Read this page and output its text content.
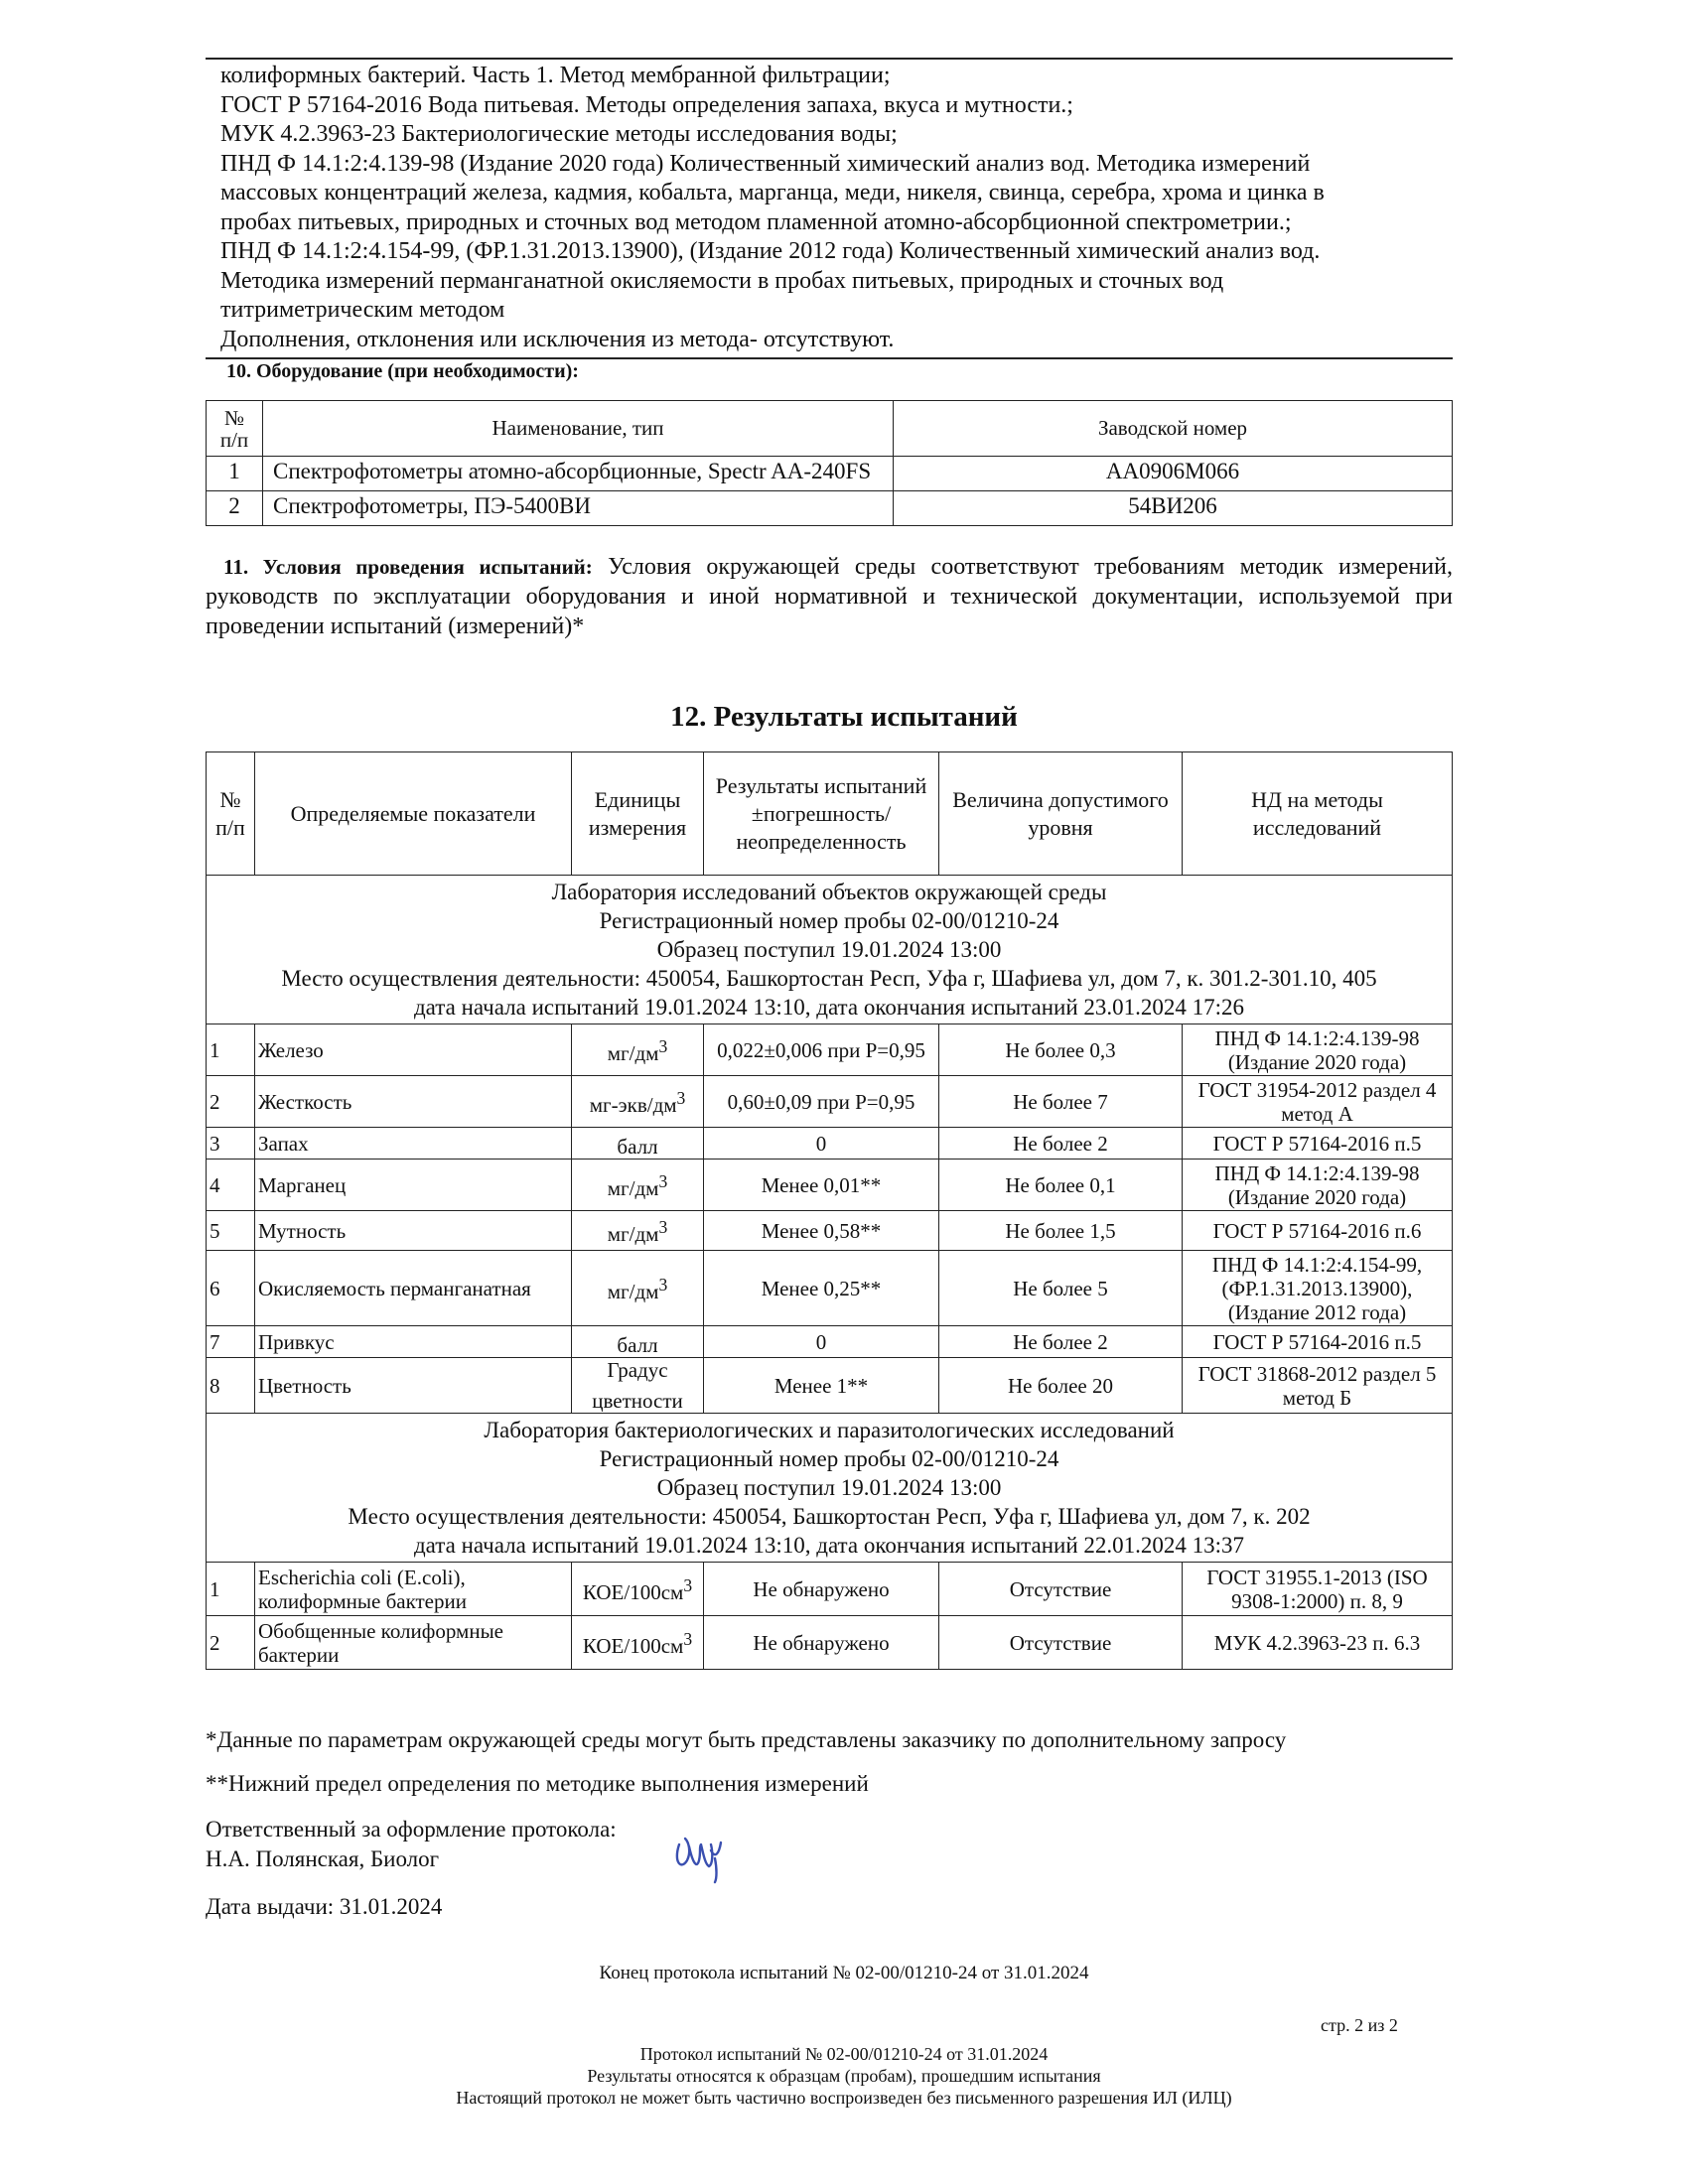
колиформных бактерий. Часть 1. Метод мембранной фильтрации;
ГОСТ Р 57164-2016 Вода питьевая. Методы определения запаха, вкуса и мутности.;
МУК 4.2.3963-23 Бактериологические методы исследования воды;
ПНД Ф 14.1:2:4.139-98 (Издание 2020 года) Количественный химический анализ вод. Методика измерений
массовых концентраций железа, кадмия, кобальта, марганца, меди, никеля, свинца, серебра, хрома и цинка в
пробах питьевых, природных и сточных вод методом пламенной атомно-абсорбционной спектрометрии.;
ПНД Ф 14.1:2:4.154-99, (ФР.1.31.2013.13900), (Издание 2012 года) Количественный химический анализ вод.
Методика измерений перманганатной окисляемости в пробах питьевых, природных и сточных вод
титриметрическим методом
Дополнения, отклонения или исключения из метода- отсутствуют.
10. Оборудование (при необходимости):
№
п/п	Наименование, тип	Заводской номер
1	Спектрофотометры атомно-абсорбционные, Spectr AA-240FS	AA0906M066
2	Спектрофотометры, ПЭ-5400ВИ	54ВИ206
11. Условия проведения испытаний: Условия окружающей среды соответствуют требованиям методик измерений, руководств по эксплуатации оборудования и иной нормативной и технической документации, используемой при проведении испытаний (измерений)*
12. Результаты испытаний
№
п/п	Определяемые показатели	Единицы измерения	Результаты испытаний ±погрешность/ неопределенность	Величина допустимого уровня	НД на методы исследований

Лаборатория исследований объектов окружающей среды
Регистрационный номер пробы 02-00/01210-24
Образец поступил 19.01.2024 13:00
Место осуществления деятельности: 450054, Башкортостан Респ, Уфа г, Шафиева ул, дом 7, к. 301.2-301.10, 405
дата начала испытаний 19.01.2024 13:10, дата окончания испытаний 23.01.2024 17:26					

1	Железо	$мг/дм^3$	0,022±0,006 при P=0,95	Не более 0,3	ПНД Ф 14.1:2:4.139-98 (Издание 2020 года)
2	Жесткость	$мг-экв/дм^3$	0,60±0,09 при P=0,95	Не более 7	ГОСТ 31954-2012 раздел 4 метод А
3	Запах	балл	0	Не более 2	ГОСТ Р 57164-2016 п.5
4	Марганец	$мг/дм^3$	Менее 0,01**	Не более 0,1	ПНД Ф 14.1:2:4.139-98 (Издание 2020 года)
5	Мутность	$мг/дм^3$	Менее 0,58**	Не более 1,5	ГОСТ Р 57164-2016 п.6
6	Окисляемость перманганатная	$мг/дм^3$	Менее 0,25**	Не более 5	ПНД Ф 14.1:2:4.154-99, (ФР.1.31.2013.13900), (Издание 2012 года)
7	Привкус	балл	0	Не более 2	ГОСТ Р 57164-2016 п.5
8	Цветность	Градус цветности	Менее 1**	Не более 20	ГОСТ 31868-2012 раздел 5 метод Б

Лаборатория бактериологических и паразитологических исследований
Регистрационный номер пробы 02-00/01210-24
Образец поступил 19.01.2024 13:00
Место осуществления деятельности: 450054, Башкортостан Респ, Уфа г, Шафиева ул, дом 7, к. 202
дата начала испытаний 19.01.2024 13:10, дата окончания испытаний 22.01.2024 13:37					

1	Escherichia coli (E.coli), колиформные бактерии	КОЕ/$100см^3$	Не обнаружено	Отсутствие	ГОСТ 31955.1-2013 (ISO 9308-1:2000) п. 8, 9
2	Обобщенные колиформные бактерии	КОЕ/$100см^3$	Не обнаружено	Отсутствие	МУК 4.2.3963-23 п. 6.3
*Данные по параметрам окружающей среды могут быть представлены заказчику по дополнительному запросу
**Нижний предел определения по методике выполнения измерений
Ответственный за оформление протокола:
Н.А. Полянская, Биолог
Дата выдачи: 31.01.2024
Конец протокола испытаний № 02-00/01210-24 от 31.01.2024
стр. 2 из 2
Протокол испытаний № 02-00/01210-24 от 31.01.2024
Результаты относятся к образцам (пробам), прошедшим испытания
Настоящий протокол не может быть частично воспроизведен без письменного разрешения ИЛ (ИЛЦ)
